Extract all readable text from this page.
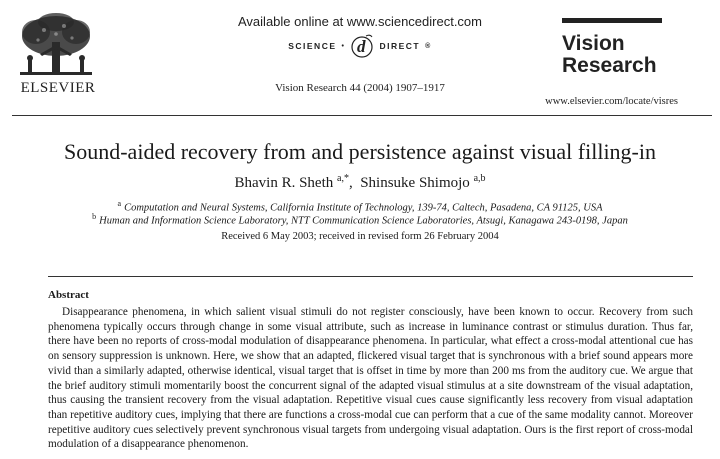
ELSEVIER
Available online at www.sciencedirect.com
SCIENCE • d DIRECT ®
Vision Research 44 (2004) 1907–1917
Vision
Research
www.elsevier.com/locate/visres
Sound-aided recovery from and persistence against visual filling-in
Bhavin R. Sheth $^{a,*}$,  Shinsuke Shimojo $^{a,b}$
$^a$ Computation and Neural Systems, California Institute of Technology, 139-74, Caltech, Pasadena, CA 91125, USA
$^b$ Human and Information Science Laboratory, NTT Communication Science Laboratories, Atsugi, Kanagawa 243-0198, Japan
Received 6 May 2003; received in revised form 26 February 2004
Abstract

Disappearance phenomena, in which salient visual stimuli do not register consciously, have been known to occur. Recovery from such phenomena typically occurs through change in some visual attribute, such as increase in luminance contrast or stimulus duration. Thus far, there have been no reports of cross-modal modulation of disappearance phenomena. In particular, what effect a cross-modal attentional cue has on sensory suppression is unknown. Here, we show that an adapted, flickered visual target that is synchronous with a brief sound appears more vivid than a similarly adapted, otherwise identical, visual target that is offset in time by more than 200 ms from the auditory cue. We argue that the brief auditory stimuli momentarily boost the concurrent signal of the adapted visual stimulus at a site downstream of the visual adaptation, thus causing the transient recovery from the visual adaptation. Repetitive visual cues cause significantly less recovery from visual adaptation than repetitive auditory cues, implying that there are functions a cross-modal cue can perform that a cue of the same modality cannot. Moreover repetitive auditory cues selectively prevent synchronous visual targets from undergoing visual adaptation. Ours is the first report of cross-modal modulation of a disappearance phenomenon.
